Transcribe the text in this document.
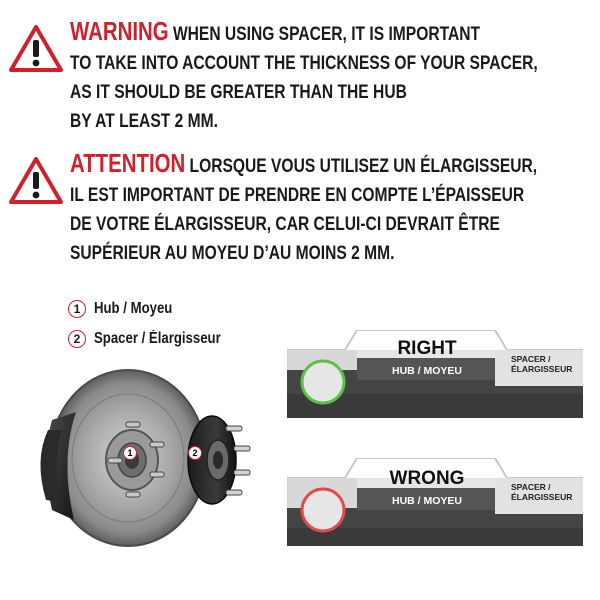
WARNING WHEN USING SPACER, IT IS IMPORTANT
TO TAKE INTO ACCOUNT THE THICKNESS OF YOUR SPACER,
AS IT SHOULD BE GREATER THAN THE HUB
BY AT LEAST 2 MM.
ATTENTION LORSQUE VOUS UTILISEZ UN ÉLARGISSEUR,
IL EST IMPORTANT DE PRENDRE EN COMPTE L’ÉPAISSEUR
DE VOTRE ÉLARGISSEUR, CAR CELUI-CI DEVRAIT ÊTRE
SUPÉRIEUR AU MOYEU D’AU MOINS 2 MM.
1 Hub / Moyeu
2 Spacer / Élargisseur
1	2
RIGHT
HUB / MOYEU
SPACER /
ÉLARGISSEUR
WRONG
HUB / MOYEU
SPACER /
ÉLARGISSEUR
